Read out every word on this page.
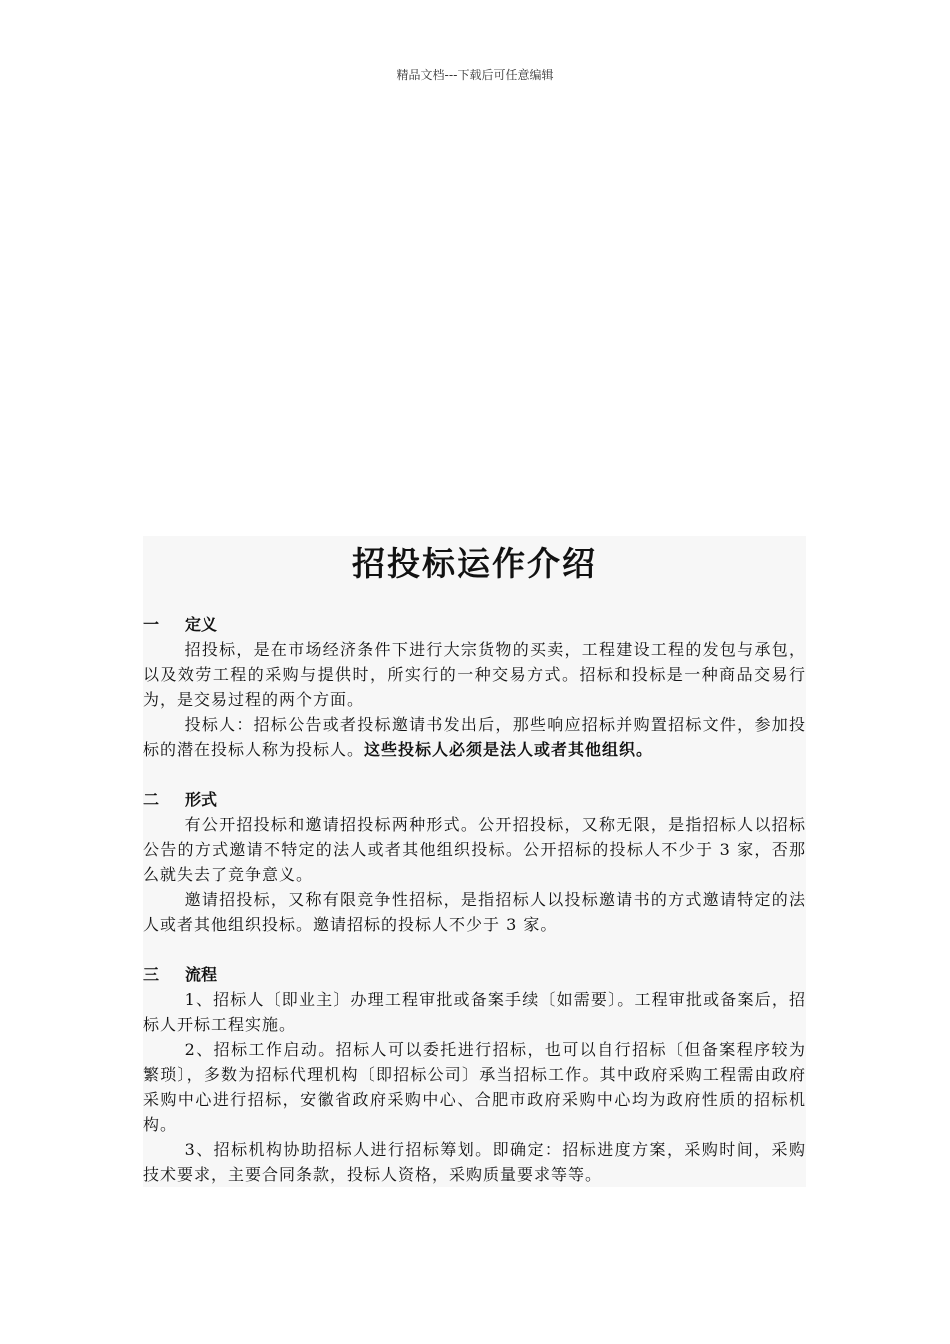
精品文档---下载后可任意编辑
招投标运作介绍
一 定义

招投标，是在市场经济条件下进行大宗货物的买卖，工程建设工程的发包与承包，以及效劳工程的采购与提供时，所实行的一种交易方式。招标和投标是一种商品交易行为，是交易过程的两个方面。

投标人：招标公告或者投标邀请书发出后，那些响应招标并购置招标文件，参加投标的潜在投标人称为投标人。这些投标人必须是法人或者其他组织。

二 形式

有公开招投标和邀请招投标两种形式。公开招投标，又称无限，是指招标人以招标公告的方式邀请不特定的法人或者其他组织投标。公开招标的投标人不少于 3 家，否那么就失去了竞争意义。

邀请招投标，又称有限竞争性招标，是指招标人以投标邀请书的方式邀请特定的法人或者其他组织投标。邀请招标的投标人不少于 3 家。

三 流程

1、招标人〔即业主〕办理工程审批或备案手续〔如需要〕。工程审批或备案后，招标人开标工程实施。

2、招标工作启动。招标人可以委托进行招标，也可以自行招标〔但备案程序较为繁琐〕，多数为招标代理机构〔即招标公司〕承当招标工作。其中政府采购工程需由政府采购中心进行招标，安徽省政府采购中心、合肥市政府采购中心均为政府性质的招标机构。

3、招标机构协助招标人进行招标筹划。即确定：招标进度方案，采购时间，采购技术要求，主要合同条款，投标人资格，采购质量要求等等。
